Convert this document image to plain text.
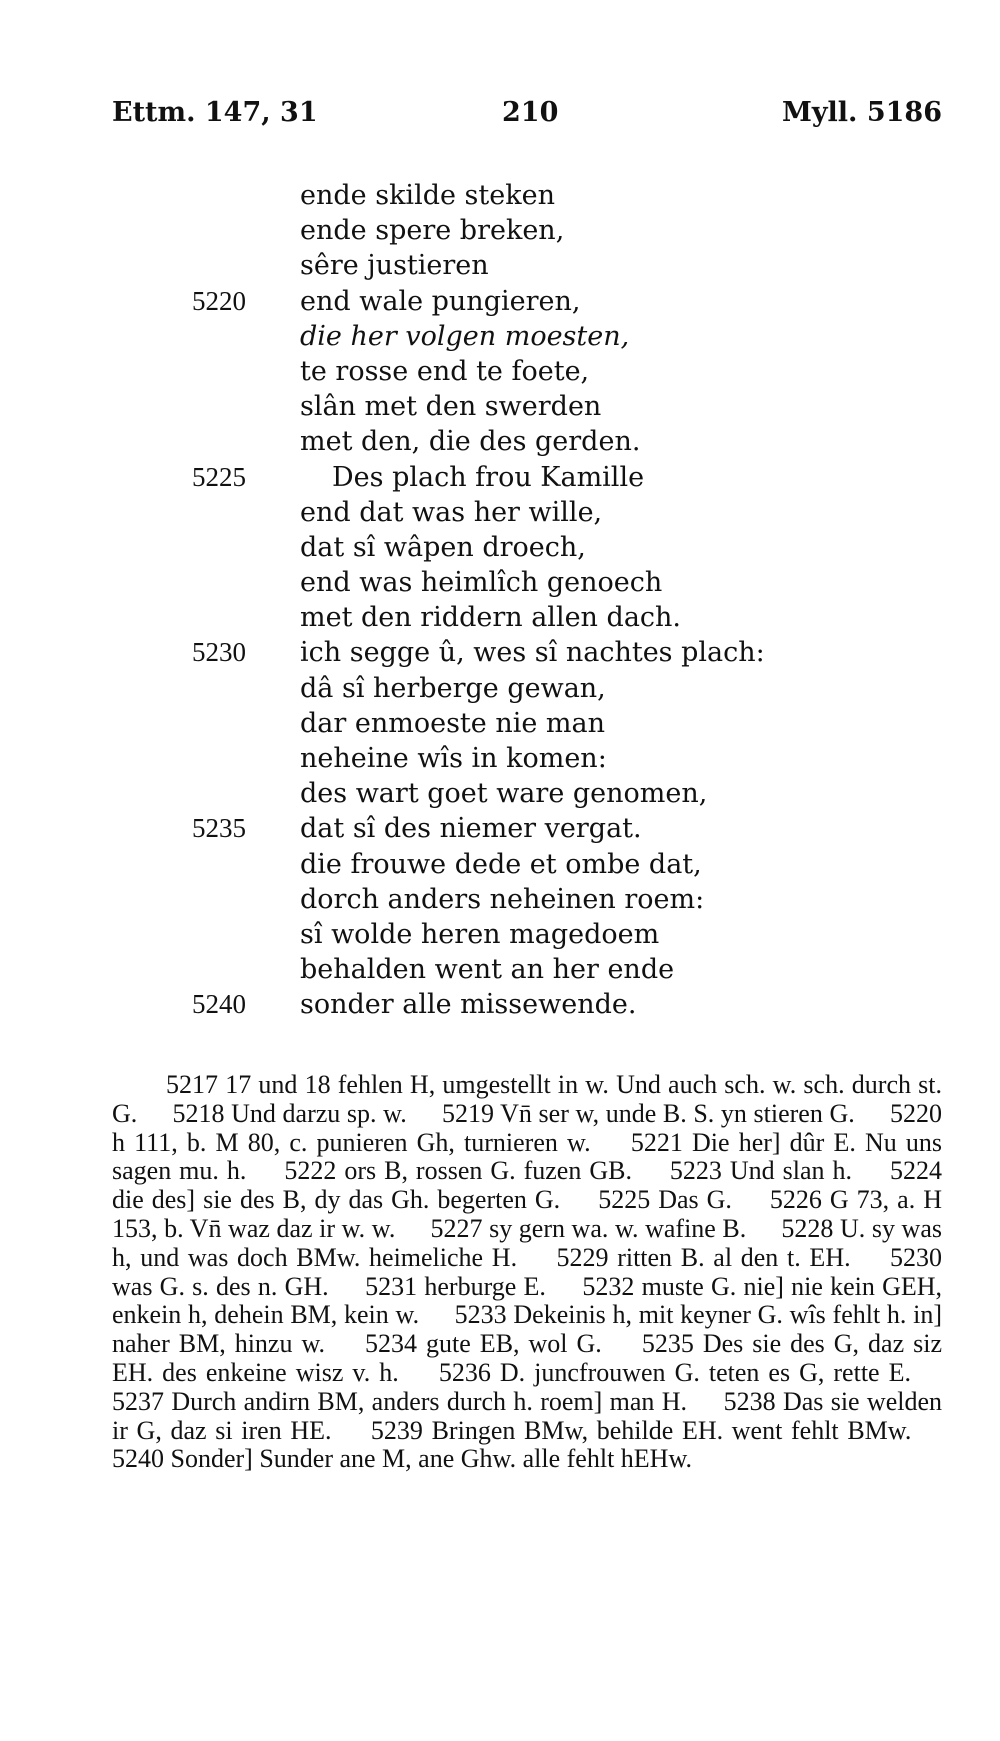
Ettm. 147, 31	210	Myll. 5186
ende skilde steken
ende spere breken,
sêre justieren
5220 end wale pungieren,
die her volgen moesten,
te rosse end te foete,
slân met den swerden
met den, die des gerden.
5225	Des plach frou Kamille
end dat was her wille,
dat sî wâpen droech,
end was heimlîch genoech
met den riddern allen dach.
5230 ich segge û, wes sî nachtes plach:
dâ sî herberge gewan,
dar enmoeste nie man
neheine wîs in komen:
des wart goet ware genomen,
5235 dat sî des niemer vergat.
die frouwe dede et ombe dat,
dorch anders neheinen roem:
sî wolde heren magedoem
behalden went an her ende
5240 sonder alle missewende.

5217 17 und 18 fehlen H, umgestellt in w. Und auch sch. w. sch. durch st. G. 5218 Und darzu sp. w. 5219 Vn̄ ser w, unde B. S. yn stieren G. 5220 h 111, b. M 80, c. punieren Gh, turnieren w. 5221 Die her] dûr E. Nu uns sagen mu. h. 5222 ors B, rossen G. fuzen GB. 5223 Und slan h. 5224 die des] sie des B, dy das Gh. begerten G. 5225 Das G. 5226 G 73, a. H 153, b. Vn̄ waz daz ir w. w. 5227 sy gern wa. w. wafine B. 5228 U. sy was h, und was doch BMw. heimeliche H. 5229 ritten B. al den t. EH. 5230 was G. s. des n. GH. 5231 herburge E. 5232 muste G. nie] nie kein GEH, enkein h, dehein BM, kein w. 5233 Dekeinis h, mit keyner G. wîs fehlt h. in] naher BM, hinzu w. 5234 gute EB, wol G. 5235 Des sie des G, daz siz EH. des enkeine wisz v. h. 5236 D. juncfrouwen G. teten es G, rette E.  5237 Durch andirn BM, anders durch h. roem] man H. 5238 Das sie welden ir G, daz si iren HE. 5239 Bringen BMw, behilde EH. went fehlt BMw.  5240 Sonder] Sunder ane M, ane Ghw. alle fehlt hEHw.
